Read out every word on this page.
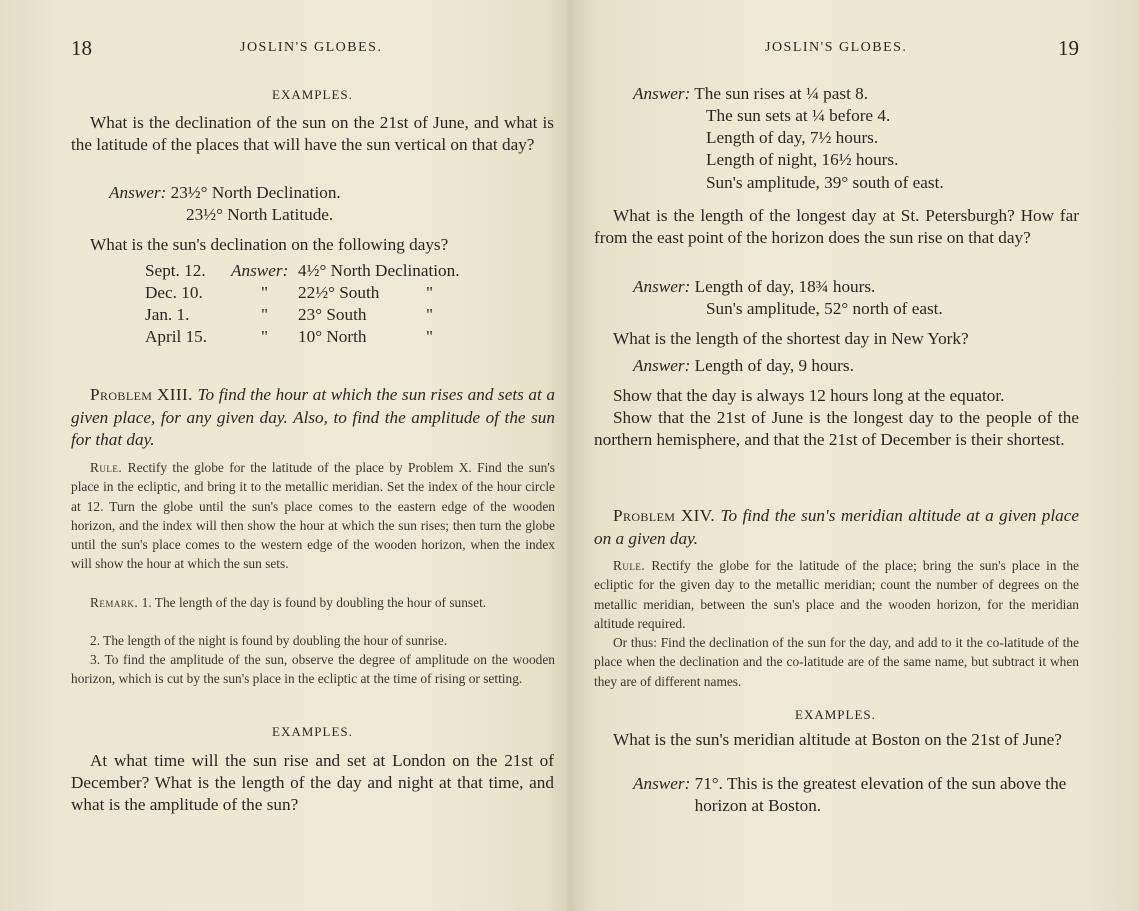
18	JOSLIN'S GLOBES.
EXAMPLES.
What is the declination of the sun on the 21st of June, and what is the latitude of the places that will have the sun vertical on that day?
Answer: 23½° North Declination.
23½° North Latitude.
What is the sun's declination on the following days?
Sept. 12.	Answer:	4½° North Declination.	
Dec. 10.	"	22½° South	"
Jan. 1.	"	23° South	"
April 15.	"	10° North	"
Problem XIII. To find the hour at which the sun rises and sets at a given place, for any given day. Also, to find the amplitude of the sun for that day.
Rule. Rectify the globe for the latitude of the place by Problem X. Find the sun's place in the ecliptic, and bring it to the metallic meridian. Set the index of the hour circle at 12. Turn the globe until the sun's place comes to the eastern edge of the wooden horizon, and the index will then show the hour at which the sun rises; then turn the globe until the sun's place comes to the western edge of the wooden horizon, when the index will show the hour at which the sun sets.
Remark. 1. The length of the day is found by doubling the hour of sunset.
2. The length of the night is found by doubling the hour of sunrise.
3. To find the amplitude of the sun, observe the degree of amplitude on the wooden horizon, which is cut by the sun's place in the ecliptic at the time of rising or setting.
EXAMPLES.
At what time will the sun rise and set at London on the 21st of December? What is the length of the day and night at that time, and what is the amplitude of the sun?
JOSLIN'S GLOBES.	19
Answer: The sun rises at ¼ past 8.
The sun sets at ¼ before 4.
Length of day, 7½ hours.
Length of night, 16½ hours.
Sun's amplitude, 39° south of east.
What is the length of the longest day at St. Petersburgh? How far from the east point of the horizon does the sun rise on that day?
Answer: Length of day, 18¾ hours.
Sun's amplitude, 52° north of east.
What is the length of the shortest day in New York?
Answer: Length of day, 9 hours.
Show that the day is always 12 hours long at the equator.
Show that the 21st of June is the longest day to the people of the northern hemisphere, and that the 21st of December is their shortest.
Problem XIV. To find the sun's meridian altitude at a given place on a given day.
Rule. Rectify the globe for the latitude of the place; bring the sun's place in the ecliptic for the given day to the metallic meridian; count the number of degrees on the metallic meridian, between the sun's place and the wooden horizon, for the meridian altitude required.
Or thus: Find the declination of the sun for the day, and add to it the co-latitude of the place when the declination and the co-latitude are of the same name, but subtract it when they are of different names.
EXAMPLES.
What is the sun's meridian altitude at Boston on the 21st of June?
Answer: 71°. This is the greatest elevation of the sun above the horizon at Boston.
